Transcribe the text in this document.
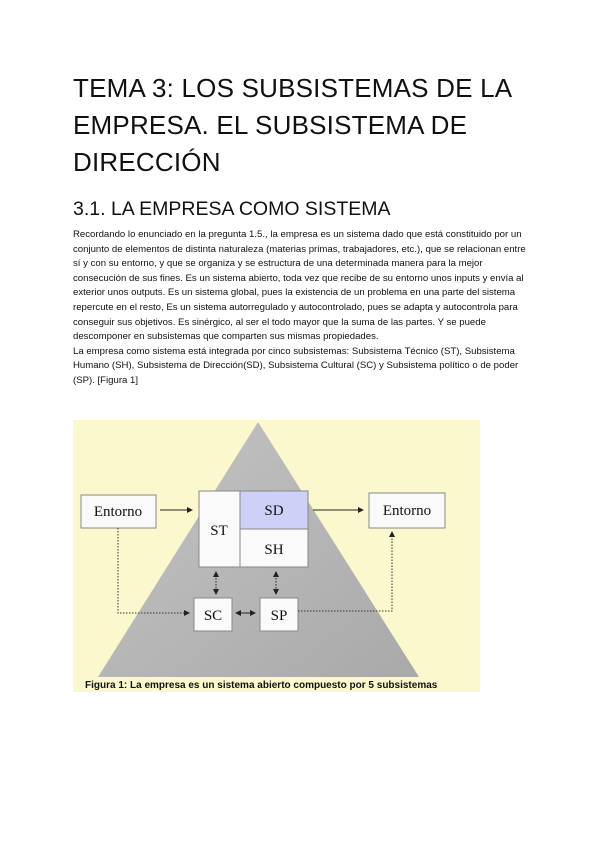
TEMA 3: LOS SUBSISTEMAS DE LA EMPRESA. EL SUBSISTEMA DE DIRECCIÓN
3.1. LA EMPRESA COMO SISTEMA

Recordando lo enunciado en la pregunta 1.5., la empresa es un sistema dado que está constituido por un conjunto de elementos de distinta naturaleza (materias primas, trabajadores, etc.), que se relacionan entre sí y con su entorno, y que se organiza y se estructura de una determinada manera para la mejor consecución de sus fines. Es un sistema abierto, toda vez que recibe de su entorno unos inputs y envía al exterior unos outputs. Es un sistema global, pues la existencia de un problema en una parte del sistema repercute en el resto, Es un sistema autorregulado y autocontrolado, pues se adapta y autocontrola para conseguir sus objetivos. Es sinérgico, al ser el todo mayor que la suma de las partes. Y se puede descomponer en subsistemas que comparten sus mismas propiedades.

La empresa como sistema está integrada por cinco subsistemas: Subsistema Técnico (ST), Subsistema Humano (SH), Subsistema de Dirección(SD), Subsistema Cultural (SC) y Subsistema político o de poder (SP). [Figura 1]

Entorno	Entorno
ST
SD
SH
SC	SP
Figura 1: La empresa es un sistema abierto compuesto por 5 subsistemas
